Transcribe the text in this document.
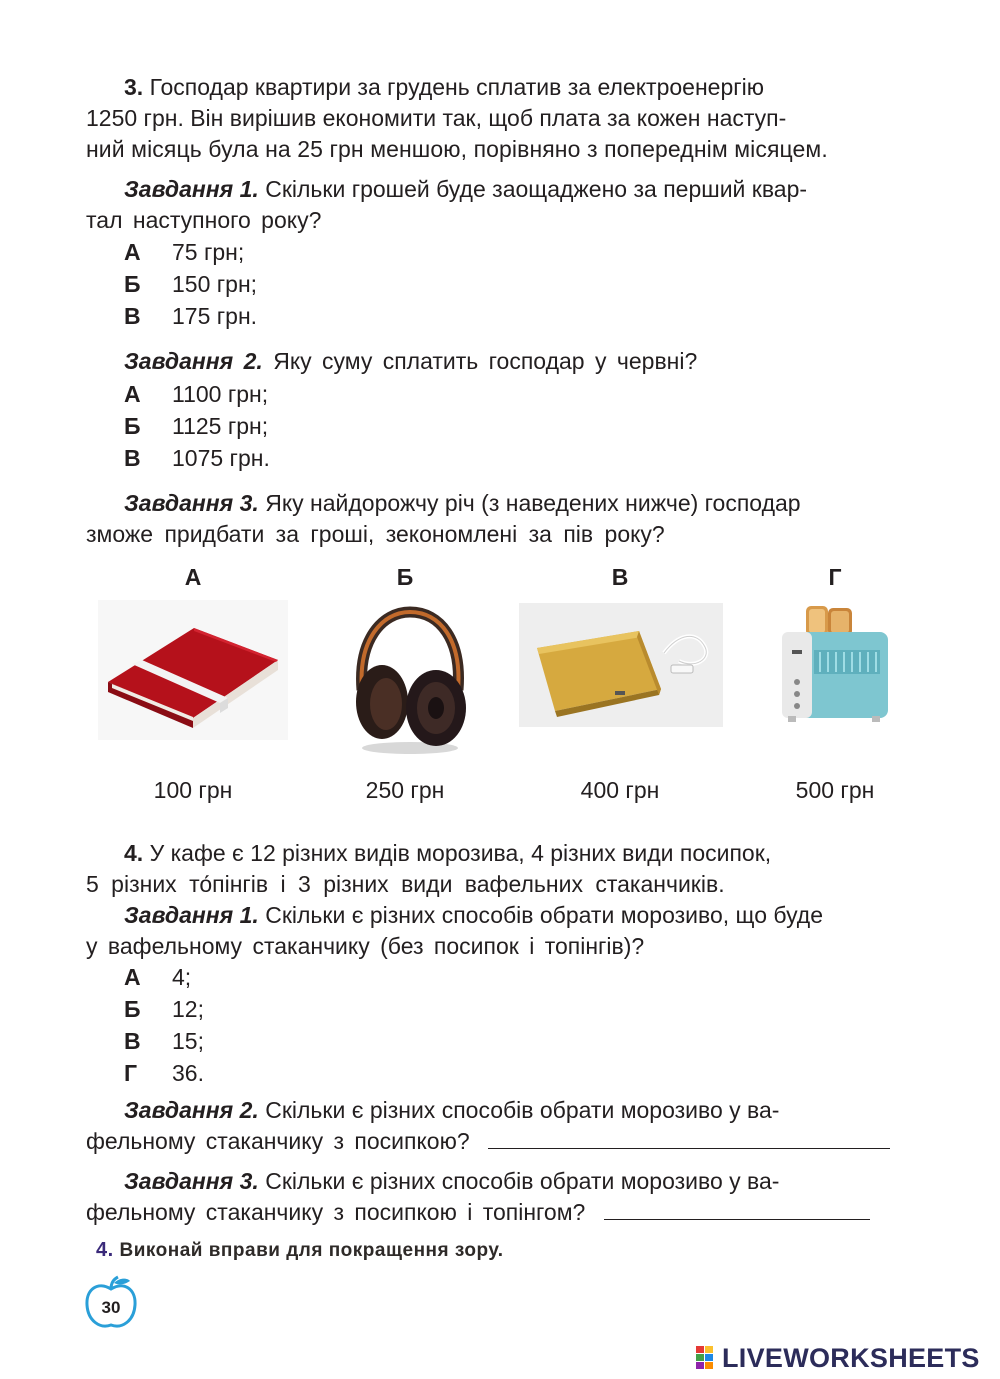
3. Господар квартири за грудень сплатив за електроенергію

1250 грн. Він вирішив економити так, щоб плата за кожен наступ-

ний місяць була на 25 грн меншою, порівняно з попереднім місяцем.

Завдання 1. Скільки грошей буде заощаджено за перший квар-

тал наступного року?

А 75 грн;
Б 150 грн;
В 175 грн.

Завдання 2. Яку суму сплатить господар у червні?

А 1100 грн;
Б 1125 грн;
В 1075 грн.

Завдання 3. Яку найдорожчу річ (з наведених нижче) господар

зможе придбати за гроші, зекономлені за пів року?

А	Б	В	Г
100 грн	250 грн	400 грн	500 грн

4. У кафе є 12 різних видів морозива, 4 різних види посипок,

5 різних то́пінгів і 3 різних види вафельних стаканчиків.

Завдання 1. Скільки є різних способів обрати морозиво, що буде

у вафельному стаканчику (без посипок і топінгів)?

А 4;
Б 12;
В 15;
Г 36.

Завдання 2. Скільки є різних способів обрати морозиво у ва-

фельному стаканчику з посипкою?

Завдання 3. Скільки є різних способів обрати морозиво у ва-

фельному стаканчику з посипкою і топінгом?

4. Виконай вправи для покращення зору.
30
LIVEWORKSHEETS
